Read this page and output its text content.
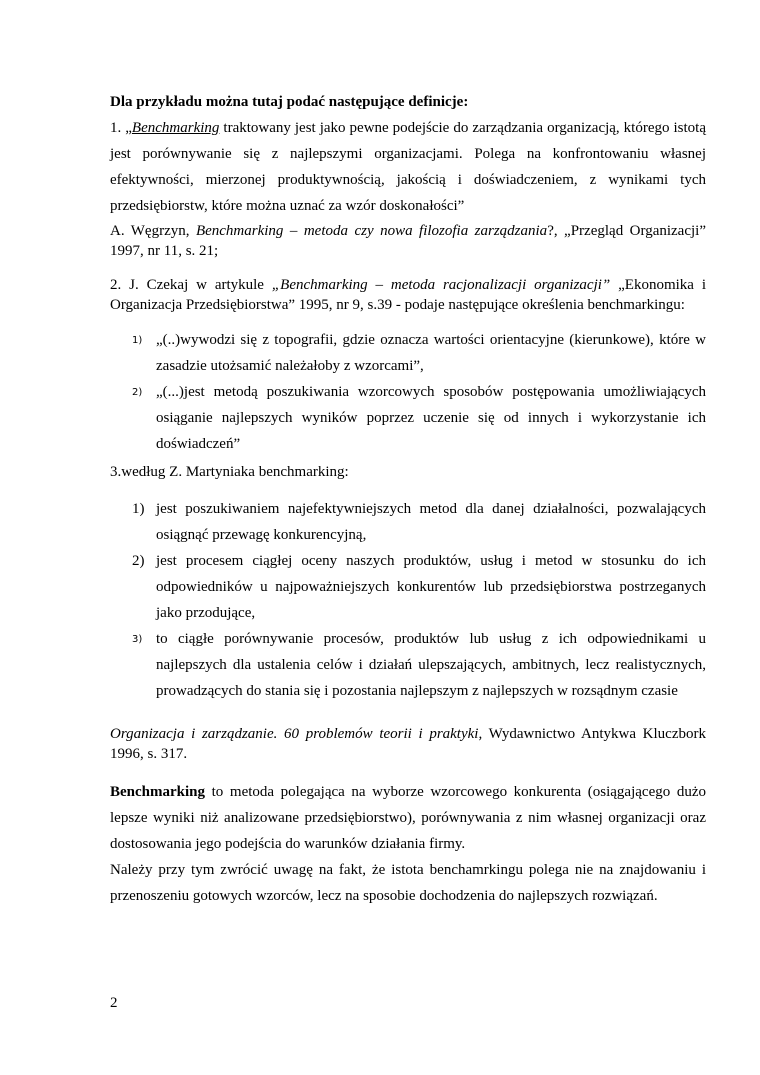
Dla przykładu można tutaj podać następujące definicje:

1. „Benchmarking traktowany jest jako pewne podejście do zarządzania organizacją, którego istotą jest porównywanie się z najlepszymi organizacjami. Polega na konfrontowaniu własnej efektywności, mierzonej produktywnością, jakością i doświadczeniem, z wynikami tych przedsiębiorstw, które można uznać za wzór doskonałości”

A. Węgrzyn, Benchmarking – metoda czy nowa filozofia zarządzania?, „Przegląd Organizacji” 1997, nr 11, s. 21;

2. J. Czekaj w artykule „Benchmarking – metoda racjonalizacji organizacji” „Ekonomika i Organizacja Przedsiębiorstwa” 1995, nr 9, s.39 - podaje następujące określenia benchmarkingu:

1) „(..)wywodzi się z topografii, gdzie oznacza wartości orientacyjne (kierunkowe), które w zasadzie utożsamić należałoby z wzorcami”,
2) „(...)jest metodą poszukiwania wzorcowych sposobów postępowania umożliwiających osiąganie najlepszych wyników poprzez uczenie się od innych i wykorzystanie ich doświadczeń”

3.według Z. Martyniaka benchmarking:

1) jest poszukiwaniem najefektywniejszych metod dla danej działalności, pozwalających osiągnąć przewagę konkurencyjną,
2) jest procesem ciągłej oceny naszych produktów, usług i metod w stosunku do ich odpowiedników u najpoważniejszych konkurentów lub przedsiębiorstwa postrzeganych jako przodujące,
3) to ciągłe porównywanie procesów, produktów lub usług z ich odpowiednikami u najlepszych dla ustalenia celów i działań ulepszających, ambitnych, lecz realistycznych, prowadzących do stania się i pozostania najlepszym z najlepszych w rozsądnym czasie

Organizacja i zarządzanie. 60 problemów teorii i praktyki, Wydawnictwo Antykwa Kluczbork 1996, s. 317.

Benchmarking to metoda polegająca na wyborze wzorcowego konkurenta (osiągającego dużo lepsze wyniki niż analizowane przedsiębiorstwo), porównywania z nim własnej organizacji oraz dostosowania jego podejścia do warunków działania firmy.

Należy przy tym zwrócić uwagę na fakt, że istota benchamrkingu polega nie na znajdowaniu i przenoszeniu gotowych wzorców, lecz na sposobie dochodzenia do najlepszych rozwiązań.

2
